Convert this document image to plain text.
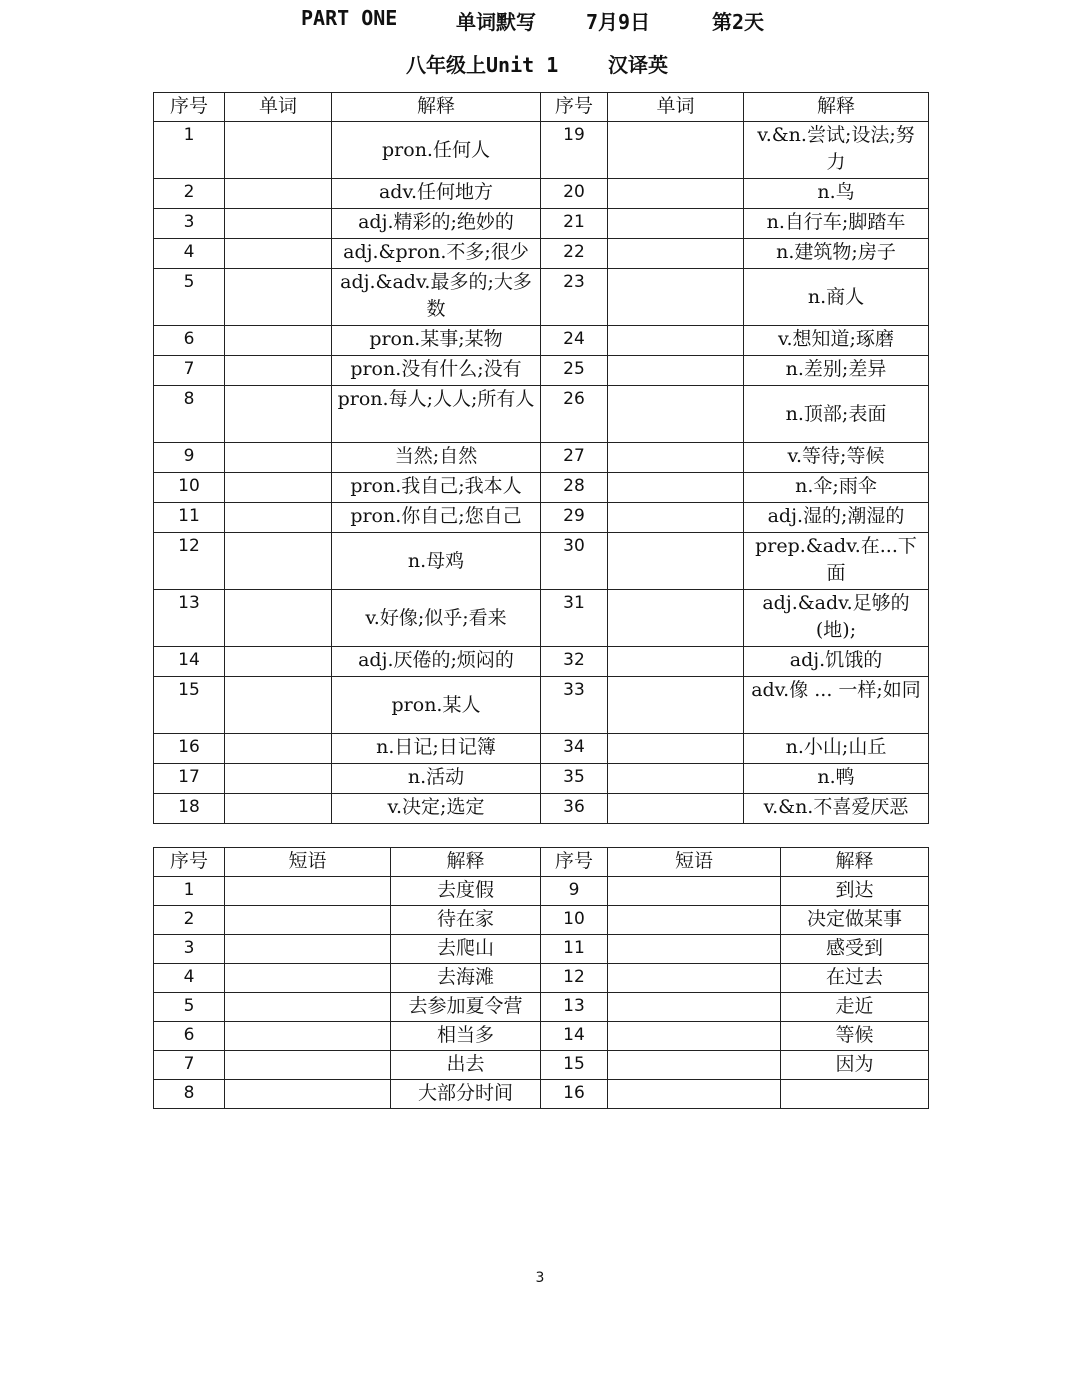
PART ONE	单词默写	7月9日	第2天
八年级上Unit 1 汉译英
序号	单词	解释	序号	单词	解释
1		pron.任何人	19		v.&n.尝试;设法;努力
2		adv.任何地方	20		n.鸟
3		adj.精彩的;绝妙的	21		n.自行车;脚踏车
4		adj.&pron.不多;很少	22		n.建筑物;房子
5		adj.&adv.最多的;大多数	23		n.商人
6		pron.某事;某物	24		v.想知道;琢磨
7		pron.没有什么;没有	25		n.差别;差异
8		pron.每人;人人;所有人	26		n.顶部;表面
9		当然;自然	27		v.等待;等候
10		pron.我自己;我本人	28		n.伞;雨伞
11		pron.你自己;您自己	29		adj.湿的;潮湿的
12		n.母鸡	30		prep.&adv.在...下面
13		v.好像;似乎;看来	31		adj.&adv.足够的(地);
14		adj.厌倦的;烦闷的	32		adj.饥饿的
15		pron.某人	33		adv.像 ... 一样;如同
16		n.日记;日记簿	34		n.小山;山丘
17		n.活动	35		n.鸭
18		v.决定;选定	36		v.&n.不喜爱厌恶
序号	短语	解释	序号	短语	解释
1		去度假	9		到达
2		待在家	10		决定做某事
3		去爬山	11		感受到
4		去海滩	12		在过去
5		去参加夏令营	13		走近
6		相当多	14		等候
7		出去	15		因为
8		大部分时间	16		
3
